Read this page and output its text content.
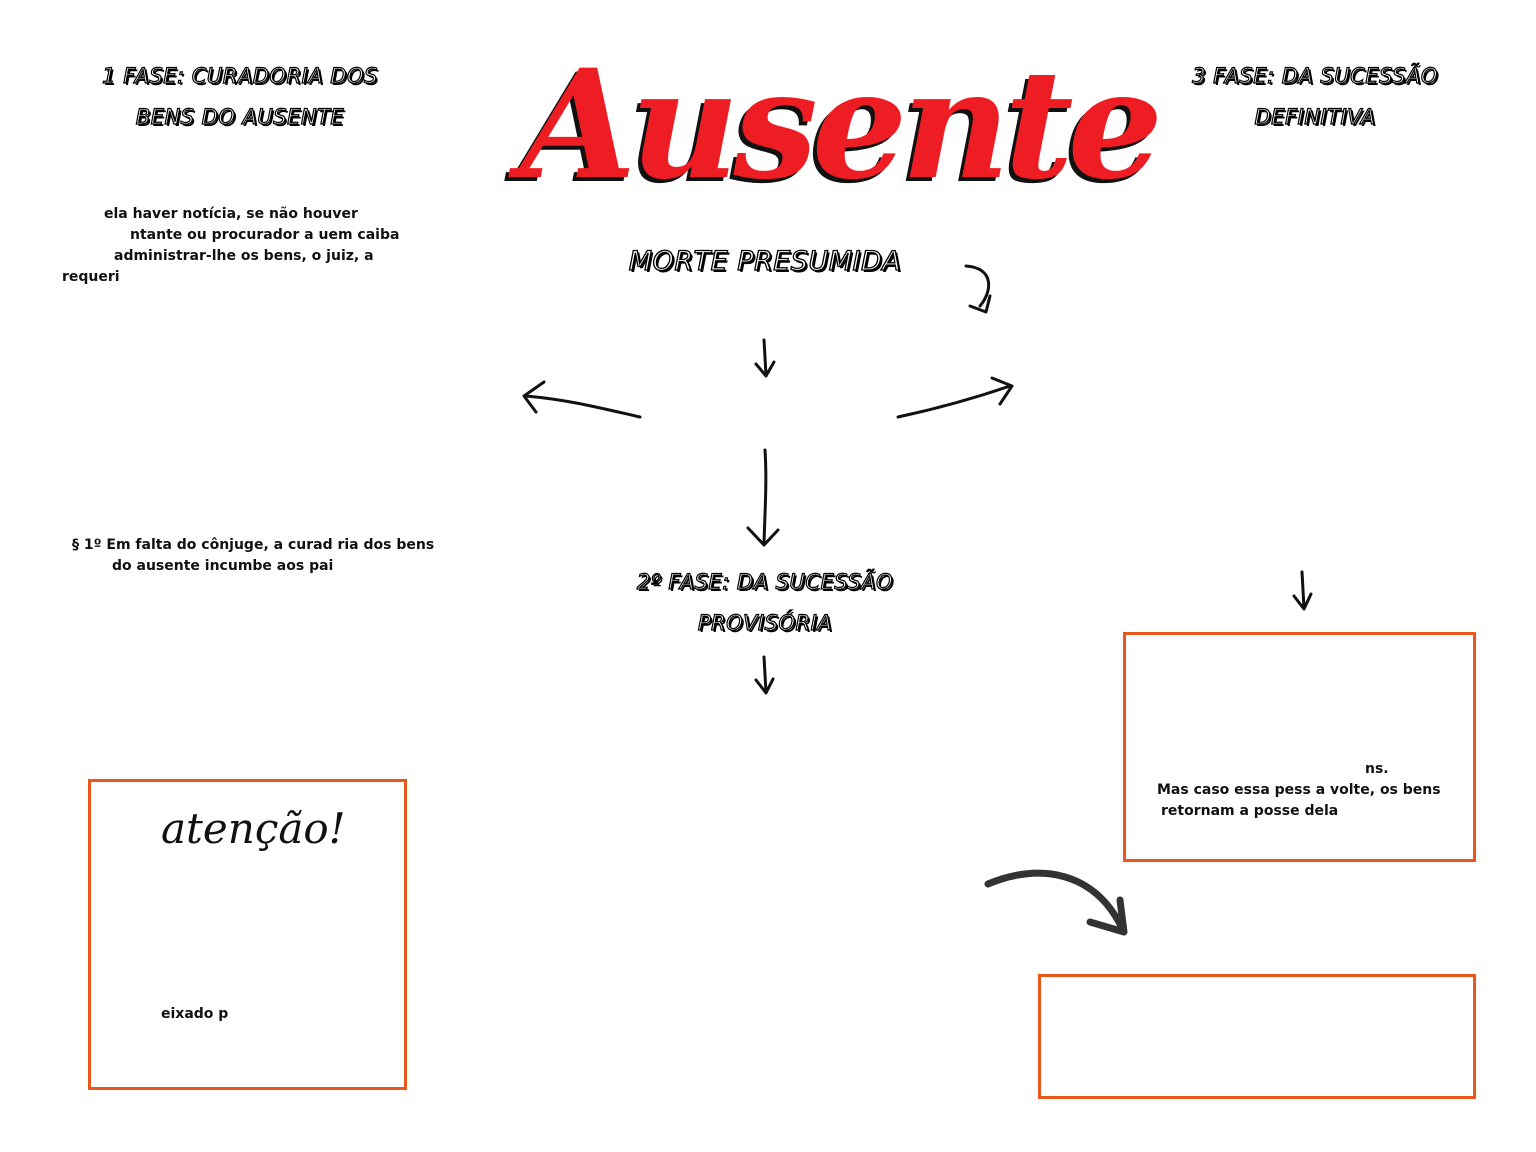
Ausente
MORTE PRESUMIDA
1 FASE: CURADORIA DOS
BENS DO AUSENTE
ela haver notícia, se não houver
ntante ou procurador a uem caiba
administrar-lhe os bens, o juiz, a
requeri
§ 1º Em falta do cônjuge, a curad ria dos bens
do ausente incumbe aos pai
2º FASE: DA SUCESSÃO
PROVISÓRIA
3 FASE: DA SUCESSÃO
DEFINITIVA
ns.
Mas caso essa pess a volte, os bens
retornam a posse dela
atenção!
eixado p
